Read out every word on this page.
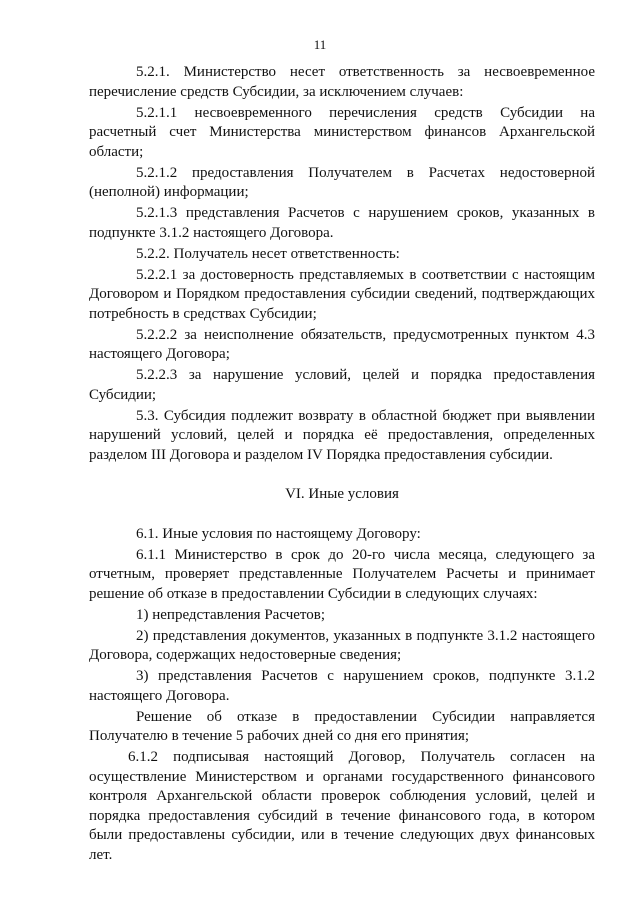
11

5.2.1. Министерство несет ответственность за несвоевременное перечисление средств Субсидии, за исключением случаев:

5.2.1.1 несвоевременного перечисления средств Субсидии на расчетный счет Министерства министерством финансов Архангельской области;

5.2.1.2 предоставления Получателем в Расчетах недостоверной (неполной) информации;

5.2.1.3 представления Расчетов с нарушением сроков, указанных в подпункте 3.1.2 настоящего Договора.

5.2.2. Получатель несет ответственность:

5.2.2.1 за достоверность представляемых в соответствии с настоящим Договором и Порядком предоставления субсидии сведений, подтверждающих потребность в средствах Субсидии;

5.2.2.2 за неисполнение обязательств, предусмотренных пунктом 4.3 настоящего Договора;

5.2.2.3 за нарушение условий, целей и порядка предоставления Субсидии;

5.3. Субсидия подлежит возврату в областной бюджет при выявлении нарушений условий, целей и порядка её предоставления, определенных разделом III Договора и разделом IV Порядка предоставления субсидии.

VI. Иные условия

6.1. Иные условия по настоящему Договору:

6.1.1 Министерство в срок до 20-го числа месяца, следующего за отчетным, проверяет представленные Получателем Расчеты и принимает решение об отказе в предоставлении Субсидии в следующих случаях:

1) непредставления Расчетов;

2) представления документов, указанных в подпункте 3.1.2 настоящего Договора, содержащих недостоверные сведения;

3) представления Расчетов с нарушением сроков, подпункте 3.1.2 настоящего Договора.

Решение об отказе в предоставлении Субсидии направляется Получателю в течение 5 рабочих дней со дня его принятия;

6.1.2 подписывая настоящий Договор, Получатель согласен на осуществление Министерством и органами государственного финансового контроля Архангельской области проверок соблюдения условий, целей и порядка предоставления субсидий в течение финансового года, в котором были предоставлены субсидии, или в течение следующих двух финансовых лет.
